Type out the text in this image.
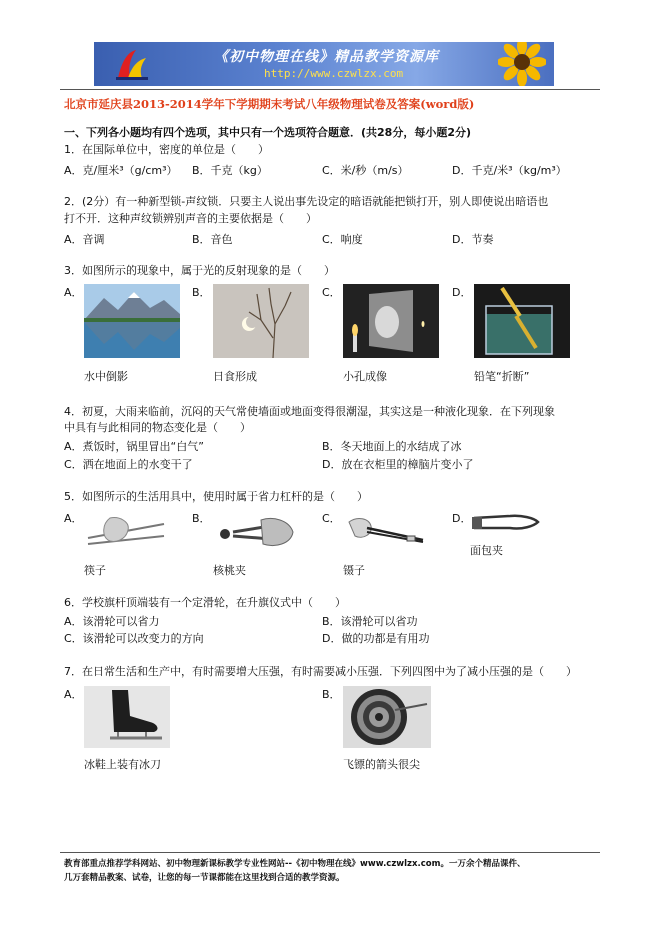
《初中物理在线》精品教学资源库
http://www.czwlzx.com
北京市延庆县2013-2014学年下学期期末考试八年级物理试卷及答案(word版)
一、下列各小题均有四个选项，其中只有一个选项符合题意．(共28分，每小题2分)
1．在国际单位中，密度的单位是（　　）
A．克/厘米³（g/cm³） B．千克（kg）	C．米/秒（m/s）	D．千克/米³（kg/m³）
2．(2分）有一种新型锁-声纹锁．只要主人说出事先设定的暗语就能把锁打开，别人即使说出暗语也
打不开．这种声纹锁辨别声音的主要依据是（　　）
A．音调	B．音色	C．响度	D．节奏
3．如图所示的现象中，属于光的反射现象的是（　　）
A．	B．	C．	D．
水中倒影	日食形成	小孔成像	铅笔“折断”
4．初夏，大雨来临前，沉闷的天气常使墙面或地面变得很潮湿，其实这是一种液化现象．在下列现象
中具有与此相同的物态变化是（　　）
A．煮饭时，锅里冒出“白气”	B．冬天地面上的水结成了冰
C．洒在地面上的水变干了	D．放在衣柜里的樟脑片变小了
5．如图所示的生活用具中，使用时属于省力杠杆的是（　　）
A．	B．	C．	D．
筷子	核桃夹	镊子
面包夹
6．学校旗杆顶端装有一个定滑轮，在升旗仪式中（　　）
A．该滑轮可以省力	B．该滑轮可以省功
C．该滑轮可以改变力的方向	D．做的功都是有用功
7．在日常生活和生产中，有时需要增大压强，有时需要减小压强．下列四图中为了减小压强的是（　　）
A．	B．
冰鞋上装有冰刀	飞镖的箭头很尖
教育部重点推荐学科网站、初中物理新课标教学专业性网站--《初中物理在线》www.czwlzx.com。一万余个精品课件、
几万套精品教案、试卷，让您的每一节课都能在这里找到合适的教学资源。
